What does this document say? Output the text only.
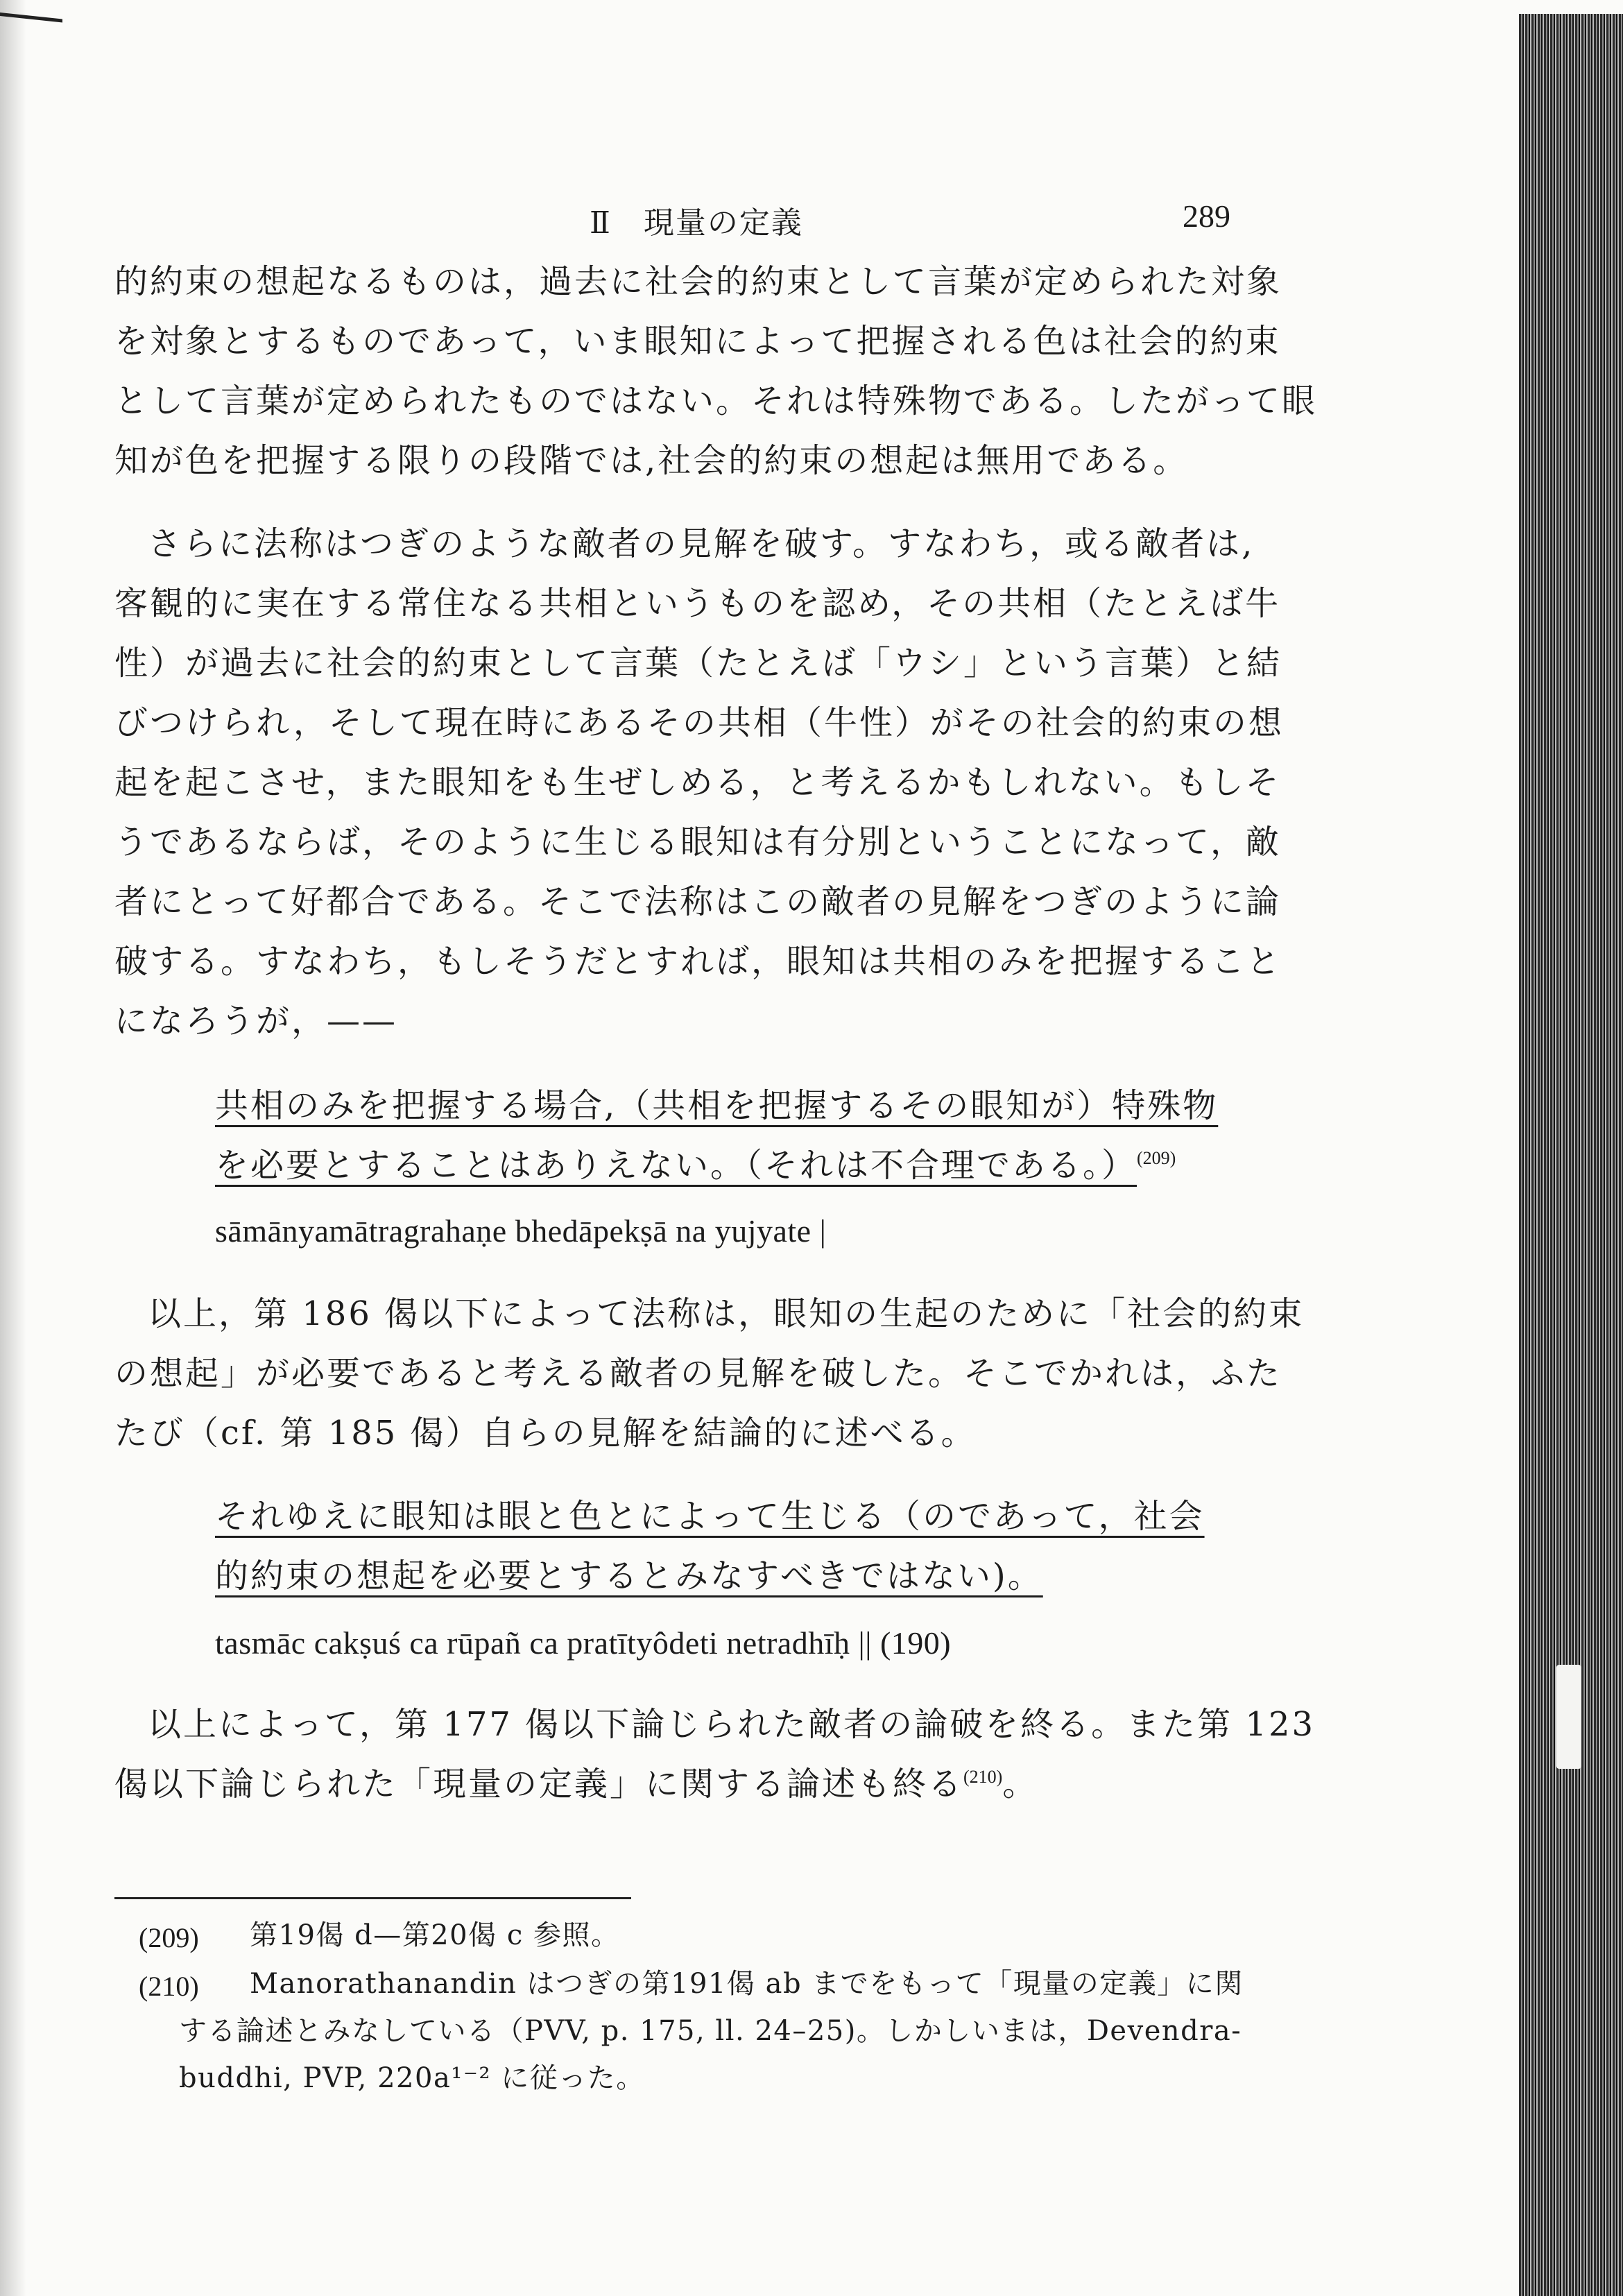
Ⅱ　現量の定義	289
的約束の想起なるものは，過去に社会的約束として言葉が定められた対象
を対象とするものであって，いま眼知によって把握される色は社会的約束
として言葉が定められたものではない。それは特殊物である。したがって眼
知が色を把握する限りの段階では,社会的約束の想起は無用である。
さらに法称はつぎのような敵者の見解を破す。すなわち，或る敵者は,
客観的に実在する常住なる共相というものを認め，その共相（たとえば牛
性）が過去に社会的約束として言葉（たとえば「ウシ」という言葉）と結
びつけられ，そして現在時にあるその共相（牛性）がその社会的約束の想
起を起こさせ，また眼知をも生ぜしめる，と考えるかもしれない。もしそ
うであるならば，そのように生じる眼知は有分別ということになって，敵
者にとって好都合である。そこで法称はこの敵者の見解をつぎのように論
破する。すなわち，もしそうだとすれば，眼知は共相のみを把握すること
になろうが，——
共相のみを把握する場合,（共相を把握するその眼知が）特殊物
を必要とすることはありえない。（それは不合理である。）$^{(209)}$
sāmānyamātragrahaṇe bhedāpekṣā na yujyate |
以上，第 186 偈以下によって法称は，眼知の生起のために「社会的約束
の想起」が必要であると考える敵者の見解を破した。そこでかれは，ふた
たび（cf. 第 185 偈）自らの見解を結論的に述べる。
それゆえに眼知は眼と色とによって生じる（のであって，社会
的約束の想起を必要とするとみなすべきではない)。
tasmāc cakṣuś ca rūpañ ca pratītyôdeti netradhīḥ || (190)
以上によって，第 177 偈以下論じられた敵者の論破を終る。また第 123
偈以下論じられた「現量の定義」に関する論述も終る$^{(210)}$。
(209) 第19偈 d—第20偈 c 参照。
(210) Manorathanandin はつぎの第191偈 ab までをもって「現量の定義」に関
する論述とみなしている（PVV, p. 175, ll. 24–25)。しかしいまは，Devendra-
buddhi, PVP, 220a¹⁻² に従った。
